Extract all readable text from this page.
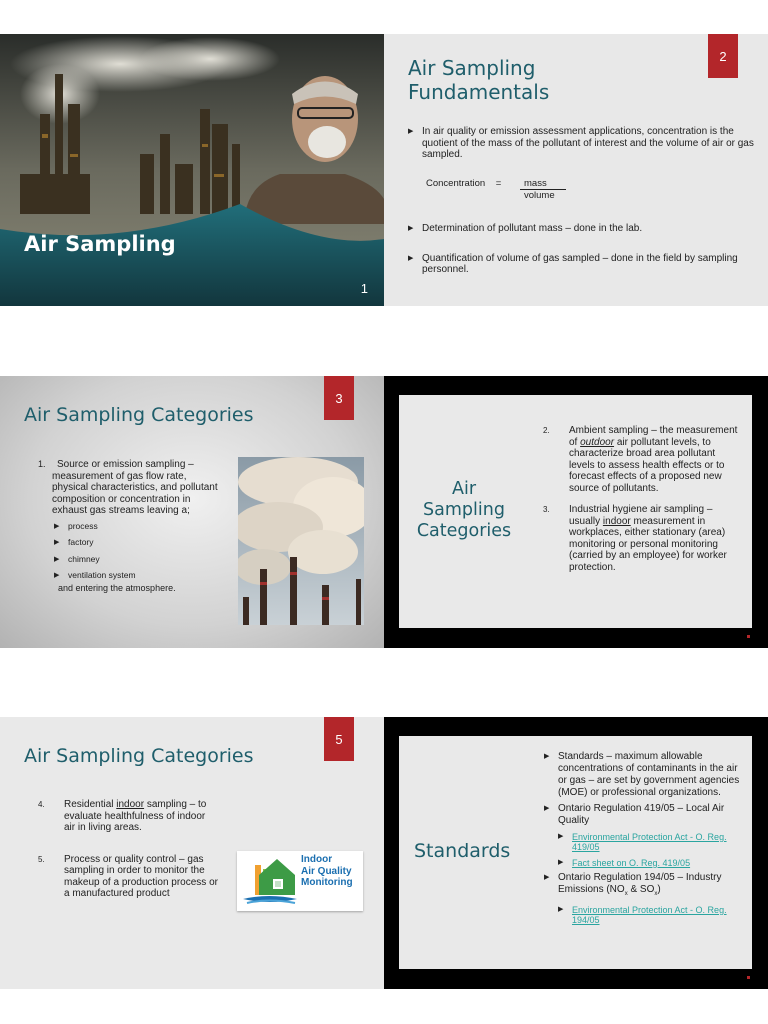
Air Sampling
1
2
Air Sampling
Fundamentals
▶ In air quality or emission assessment applications, concentration is the quotient of the mass of the pollutant of interest and the volume of air or gas sampled.
Concentration =	mass
volume
▶ Determination of pollutant mass – done in the lab.
▶ Quantification of volume of gas sampled – done in the field by sampling personnel.
3
Air Sampling Categories
1.	Source or emission sampling – measurement of gas flow rate, physical characteristics, and pollutant composition or concentration in exhaust gas streams leaving a;
▶ process
▶ factory
▶ chimney
▶ ventilation system
and entering the atmosphere.
Air Sampling Categories
2. Ambient sampling – the measurement of outdoor air pollutant levels, to characterize broad area pollutant levels to assess health effects or to forecast effects of a proposed new source of pollutants.
3. Industrial hygiene air sampling – usually indoor measurement in workplaces, either stationary (area) monitoring or personal monitoring (carried by an employee) for worker protection.
5
Air Sampling Categories
4. Residential indoor sampling – to evaluate healthfulness of indoor air in living areas.
5. Process or quality control – gas sampling in order to monitor the makeup of a production process or a manufactured product
Indoor
Air Quality
Monitoring
Standards
▶ Standards – maximum allowable concentrations of contaminants in the air or gas – are set by government agencies (MOE) or professional organizations.
▶ Ontario Regulation 419/05 – Local Air Quality
▶ Environmental Protection Act - O. Reg. 419/05
▶ Fact sheet on O. Reg. 419/05
▶ Ontario Regulation 194/05 – Industry Emissions ($NO_x$ & $SO_x$)
▶ Environmental Protection Act - O. Reg. 194/05
